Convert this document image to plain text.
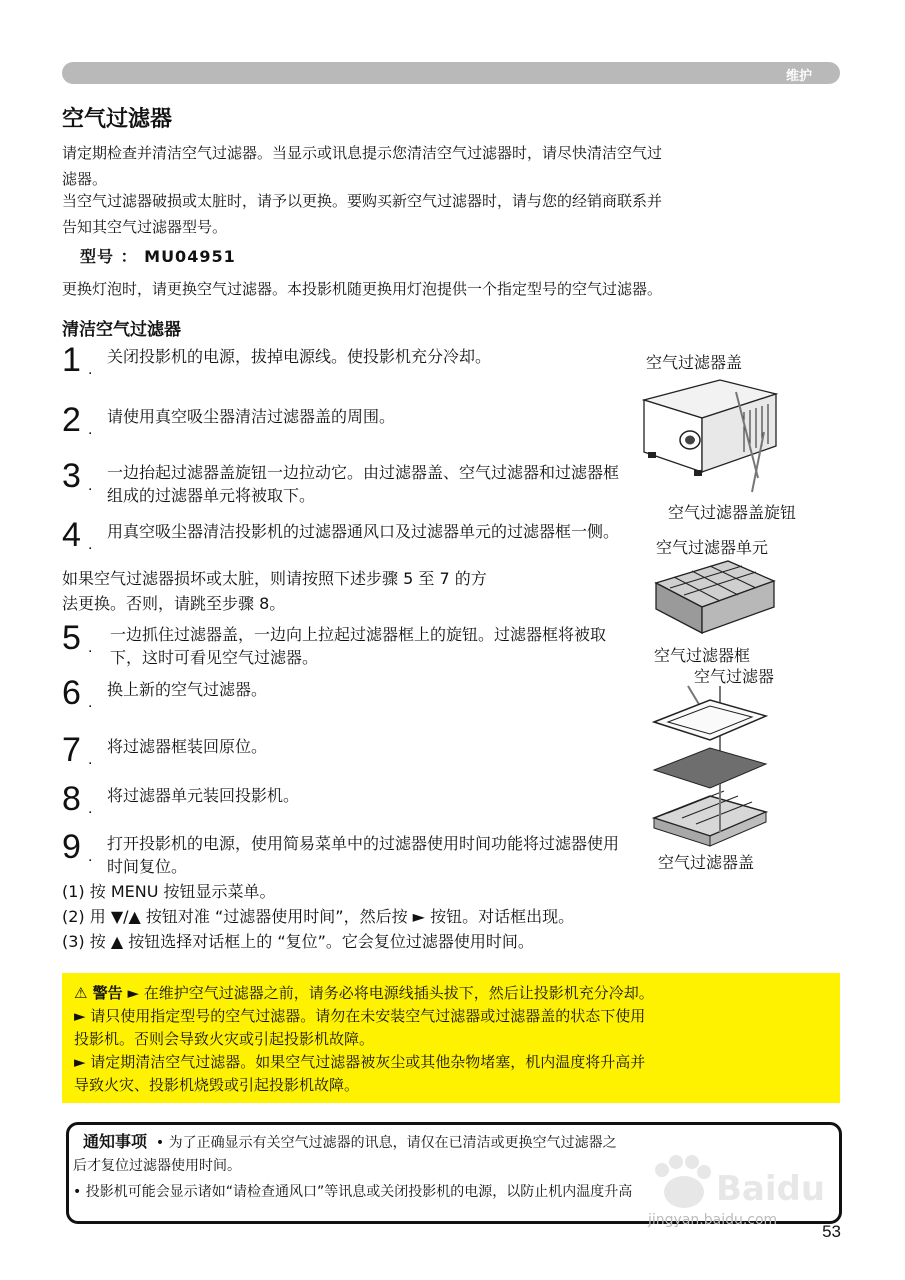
维护
空气过滤器

请定期检查并清洁空气过滤器。当显示或讯息提示您清洁空气过滤器时，请尽快清洁空气过

滤器。

当空气过滤器破损或太脏时，请予以更换。要购买新空气过滤器时，请与您的经销商联系并

告知其空气过滤器型号。

型号 ： MU04951

更换灯泡时，请更换空气过滤器。本投影机随更换用灯泡提供一个指定型号的空气过滤器。

清洁空气过滤器
1 .
关闭投影机的电源，拔掉电源线。使投影机充分冷却。
2 .
请使用真空吸尘器清洁过滤器盖的周围。
3 .
一边抬起过滤器盖旋钮一边拉动它。由过滤器盖、空气过滤器和过滤器框组成的过滤器单元将被取下。
4 .
用真空吸尘器清洁投影机的过滤器通风口及过滤器单元的过滤器框一侧。
如果空气过滤器损坏或太脏，则请按照下述步骤 5 至 7 的方
法更换。否则，请跳至步骤 8。
5 .
一边抓住过滤器盖，一边向上拉起过滤器框上的旋钮。过滤器框将被取下，这时可看见空气过滤器。
6 .
换上新的空气过滤器。
7 .
将过滤器框装回原位。
8 .
将过滤器单元装回投影机。
9 .
打开投影机的电源，使用简易菜单中的过滤器使用时间功能将过滤器使用时间复位。
(1) 按 MENU 按钮显示菜单。
(2) 用 ▼/▲ 按钮对准 “过滤器使用时间”，然后按 ► 按钮。对话框出现。
(3) 按 ▲ 按钮选择对话框上的 “复位”。它会复位过滤器使用时间。
空气过滤器盖
空气过滤器盖旋钮
空气过滤器单元
空气过滤器框
空气过滤器
空气过滤器盖
⚠ 警告 ► 在维护空气过滤器之前，请务必将电源线插头拔下，然后让投影机充分冷却。
► 请只使用指定型号的空气过滤器。请勿在未安装空气过滤器或过滤器盖的状态下使用
投影机。否则会导致火灾或引起投影机故障。
► 请定期清洁空气过滤器。如果空气过滤器被灰尘或其他杂物堵塞，机内温度将升高并
导致火灾、投影机烧毁或引起投影机故障。
通知事项 • 为了正确显示有关空气过滤器的讯息，请仅在已清洁或更换空气过滤器之
后才复位过滤器使用时间。
• 投影机可能会显示诸如“请检查通风口”等讯息或关闭投影机的电源，以防止机内温度升高	Baidu
jingyan.baidu.com
53
